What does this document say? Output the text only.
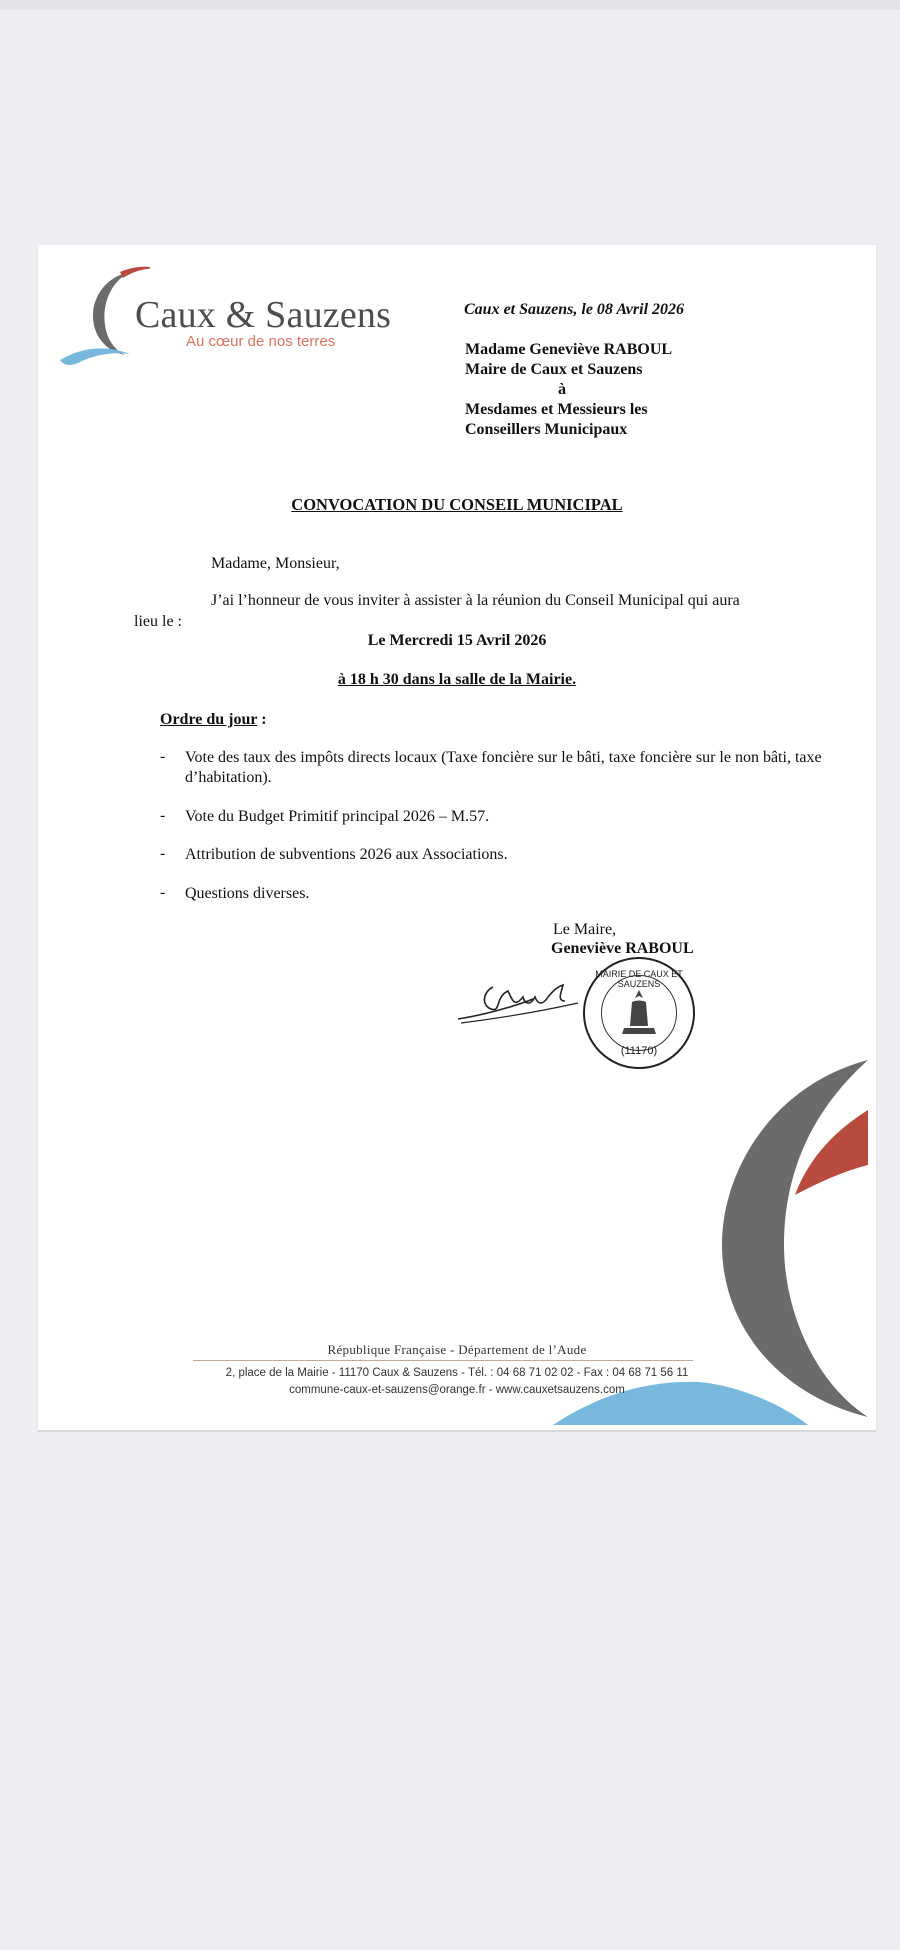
Caux & Sauzens
Au cœur de nos terres
Caux et Sauzens, le 08 Avril 2026
Madame Geneviève RABOUL
Maire de Caux et Sauzens
à
Mesdames et Messieurs les
Conseillers Municipaux
CONVOCATION DU CONSEIL MUNICIPAL
Madame, Monsieur,
J’ai l’honneur de vous inviter à assister à la réunion du Conseil Municipal qui aura
lieu le :
Le Mercredi 15 Avril 2026
à 18 h 30 dans la salle de la Mairie.
Ordre du jour :
- Vote des taux des impôts directs locaux (Taxe foncière sur le bâti, taxe foncière sur le non bâti, taxe d’habitation).
- Vote du Budget Primitif principal 2026 – M.57.
- Attribution de subventions 2026 aux Associations.
- Questions diverses.
Le Maire,
Geneviève RABOUL
MAIRIE DE CAUX ET SAUZENS
(11170)
République Française - Département de l’Aude
2, place de la Mairie - 11170 Caux & Sauzens - Tél. : 04 68 71 02 02 - Fax : 04 68 71 56 11
commune-caux-et-sauzens@orange.fr - www.cauxetsauzens.com
